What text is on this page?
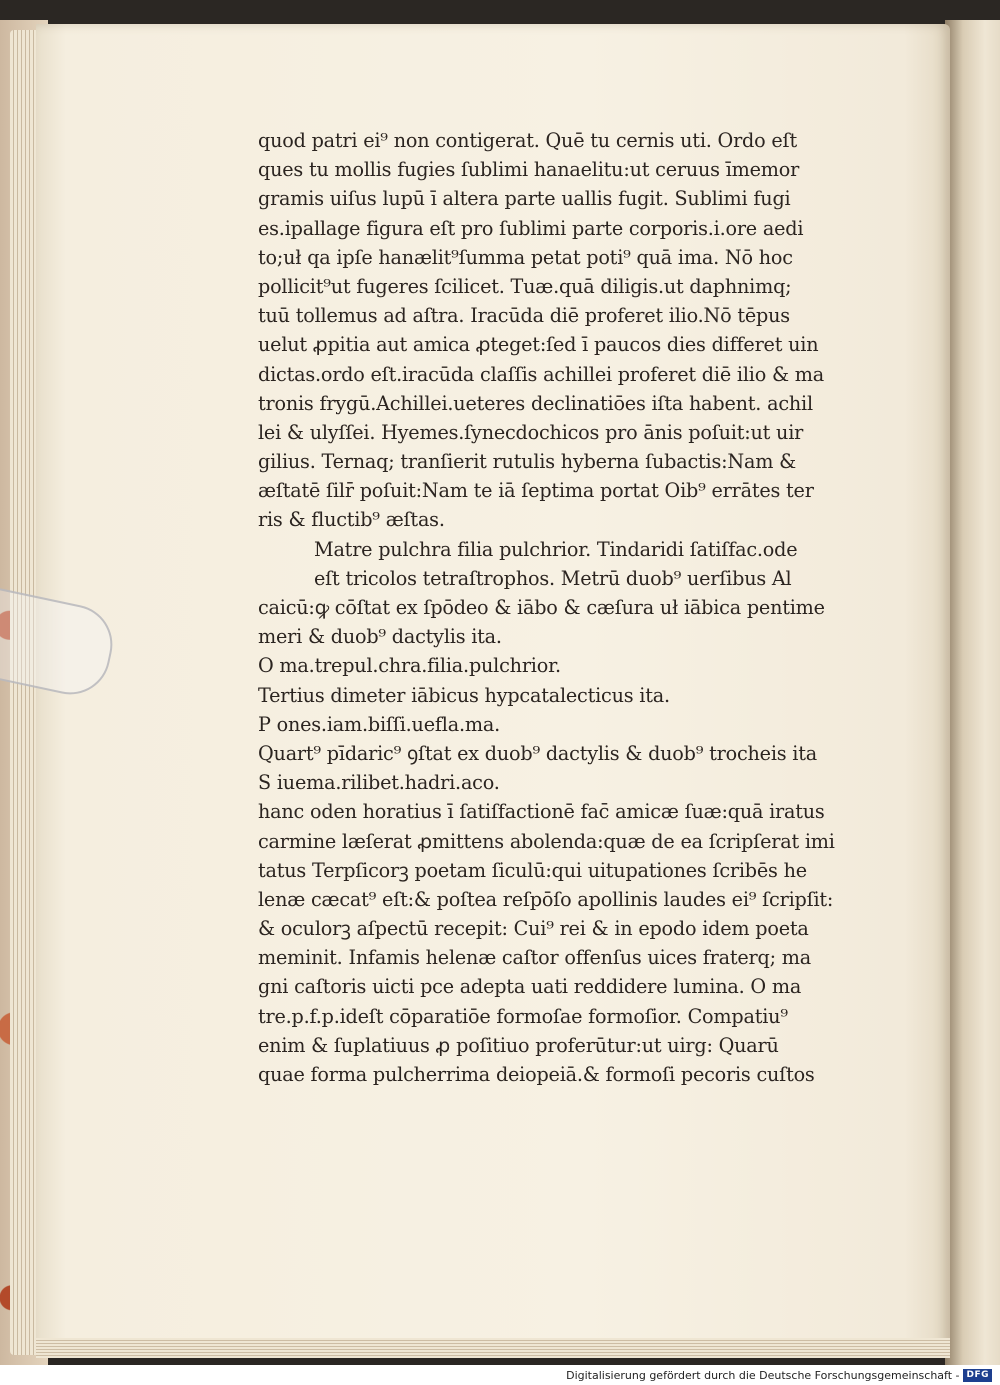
quod patri ei⁹ non contigerat. Quē tu cernis uti. Ordo eſt
ques tu mollis fugies ſublimi hanaelitu:ut ceruus īmemor
gramis uiſus lupū ī altera parte uallis fugit. Sublimi fugi
es.ipallage figura eſt pro ſublimi parte corporis.i.ore aedi
to;uł qa ipſe hanælit⁹ſumma petat poti⁹ quā ima. Nō hoc
pollicit⁹ut fugeres ſcilicet. Tuæ.quā diligis.ut daphnimq;
tuū tollemus ad aſtra. Iracūda diē proferet ilio.Nō tēpus
uelut ꝓpitia aut amica ꝓteget:ſed ī paucos dies differet uin
dictas.ordo eſt.iracūda claſſis achillei proferet diē ilio & ma
tronis frygū.Achillei.ueteres declinatiōes iſta habent. achil
lei & ulyſſei. Hyemes.ſynecdochicos pro ānis poſuit:ut uir
gilius. Ternaq; tranſierit rutulis hyberna ſubactis:Nam &
æſtatē ſilr̄ poſuit:Nam te iā ſeptima portat Oib⁹ errātes ter
ris & fluctib⁹ æſtas.
Matre pulchra filia pulchrior. Tindaridi ſatiſfac.ode
eſt tricolos tetraſtrophos. Metrū duob⁹ uerſibus Al
caicū:ꝙ cōſtat ex ſpōdeo & iābo & cæſura uł iābica pentime
meri & duob⁹ dactylis ita.
O ma.trepul.chra.filia.pulchrior.
Tertius dimeter iābicus hypcatalecticus ita.
P ones.iam.biſſi.uefla.ma.
Quart⁹ pīdaric⁹ ꝯſtat ex duob⁹ dactylis & duob⁹ trocheis ita
S iuema.rilibet.hadri.aco.
hanc oden horatius ī ſatiſfactionē fac̄ amicæ ſuæ:quā iratus
carmine læſerat ꝓmittens abolenda:quæ de ea ſcripſerat imi
tatus Terpſicorꝫ poetam ſiculū:qui uitupationes ſcribēs he
lenæ cæcat⁹ eſt:& poſtea reſpōſo apollinis laudes ei⁹ ſcripſit:
& oculorꝫ aſpectū recepit: Cui⁹ rei & in epodo idem poeta
meminit. Infamis helenæ caſtor offenſus uices fraterq; ma
gni caſtoris uicti pce adepta uati reddidere lumina. O ma
tre.p.f.p.ideſt cōparatiōe formoſae formoſior. Compatiu⁹
enim & ſuplatiuus ꝓ poſitiuo proferūtur:ut uirg: Quarū
quae forma pulcherrima deiopeiā.& formoſi pecoris cuſtos
Digitalisierung gefördert durch die Deutsche Forschungsgemeinschaft - DFG
